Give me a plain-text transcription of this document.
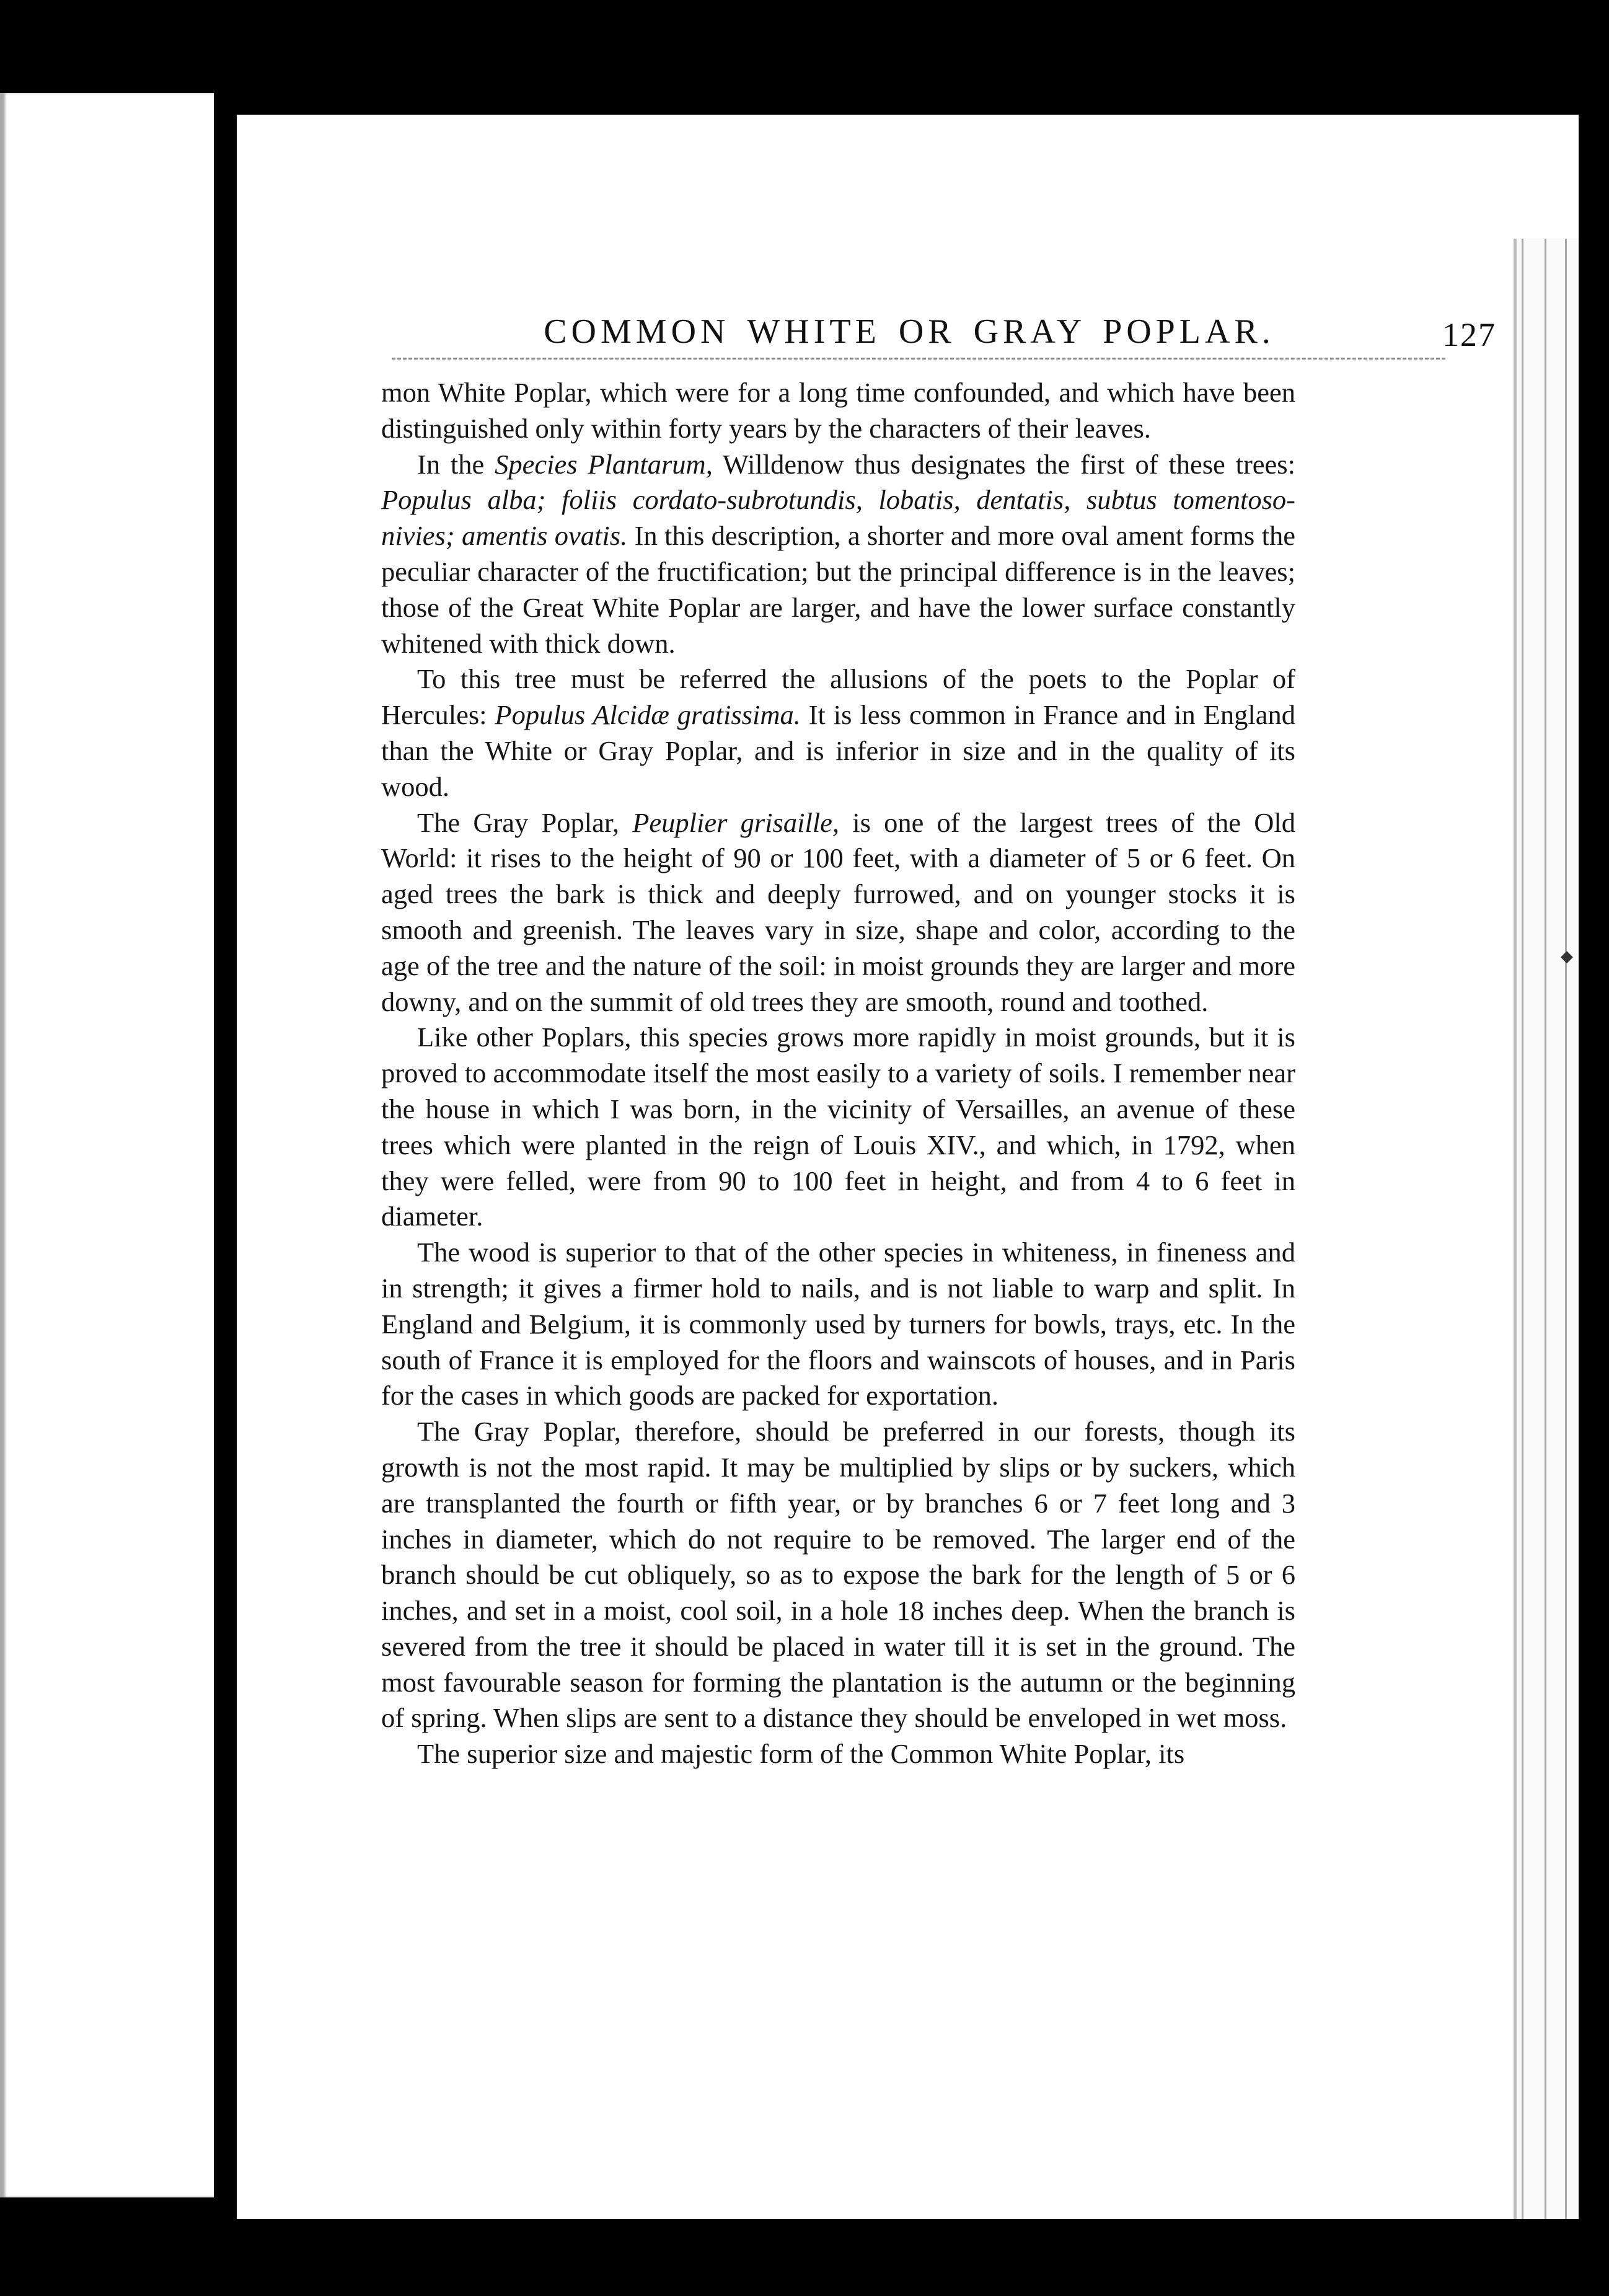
COMMON WHITE OR GRAY POPLAR.	127

mon White Poplar, which were for a long time confounded, and which have been distinguished only within forty years by the characters of their leaves.

In the Species Plantarum, Willdenow thus designates the first of these trees: Populus alba; foliis cordato-subrotundis, lobatis, dentatis, subtus tomentoso-nivies; amentis ovatis. In this description, a shorter and more oval ament forms the peculiar character of the fructification; but the principal difference is in the leaves; those of the Great White Poplar are larger, and have the lower surface constantly whitened with thick down.

To this tree must be referred the allusions of the poets to the Poplar of Hercules: Populus Alcidæ gratissima. It is less common in France and in England than the White or Gray Poplar, and is inferior in size and in the quality of its wood.

The Gray Poplar, Peuplier grisaille, is one of the largest trees of the Old World: it rises to the height of 90 or 100 feet, with a diameter of 5 or 6 feet. On aged trees the bark is thick and deeply furrowed, and on younger stocks it is smooth and greenish. The leaves vary in size, shape and color, according to the age of the tree and the nature of the soil: in moist grounds they are larger and more downy, and on the summit of old trees they are smooth, round and toothed.

Like other Poplars, this species grows more rapidly in moist grounds, but it is proved to accommodate itself the most easily to a variety of soils. I remember near the house in which I was born, in the vicinity of Versailles, an avenue of these trees which were planted in the reign of Louis XIV., and which, in 1792, when they were felled, were from 90 to 100 feet in height, and from 4 to 6 feet in diameter.

The wood is superior to that of the other species in whiteness, in fineness and in strength; it gives a firmer hold to nails, and is not liable to warp and split. In England and Belgium, it is commonly used by turners for bowls, trays, etc. In the south of France it is employed for the floors and wainscots of houses, and in Paris for the cases in which goods are packed for exportation.

The Gray Poplar, therefore, should be preferred in our forests, though its growth is not the most rapid. It may be multiplied by slips or by suckers, which are transplanted the fourth or fifth year, or by branches 6 or 7 feet long and 3 inches in diameter, which do not require to be removed. The larger end of the branch should be cut obliquely, so as to expose the bark for the length of 5 or 6 inches, and set in a moist, cool soil, in a hole 18 inches deep. When the branch is severed from the tree it should be placed in water till it is set in the ground. The most favourable season for forming the plantation is the autumn or the beginning of spring. When slips are sent to a distance they should be enveloped in wet moss.

The superior size and majestic form of the Common White Poplar, its

◆
